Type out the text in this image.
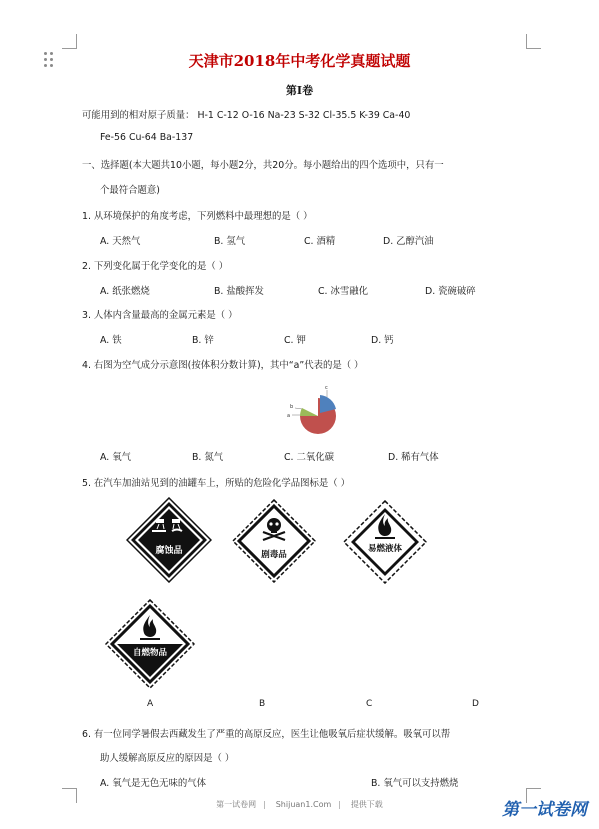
天津市2018年中考化学真题试题
第Ⅰ卷
可能用到的相对原子质量： H-1 C-12 O-16 Na-23 S-32 Cl-35.5 K-39 Ca-40
Fe-56 Cu-64 Ba-137
一、选择题(本大题共10小题，每小题2分，共20分。每小题给出的四个选项中，只有一
个最符合题意)
1. 从环境保护的角度考虑，下列燃料中最理想的是（ ）
A. 天然气	B. 氢气	C. 酒精	D. 乙醇汽油
2. 下列变化属于化学变化的是（ ）
A. 纸张燃烧	B. 盐酸挥发	C. 冰雪融化	D. 瓷碗破碎
3. 人体内含量最高的金属元素是（ ）
A. 铁	B. 锌	C. 钾	D. 钙
4. 右图为空气成分示意图(按体积分数计算)，其中“a”代表的是（ ）
b
a
c
A. 氧气	B. 氮气	C. 二氧化碳	D. 稀有气体
5. 在汽车加油站见到的油罐车上，所贴的危险化学品图标是（ ）
腐蚀品	剧毒品
易燃液体
自燃物品
A	B	C	D
6. 有一位同学暑假去西藏发生了严重的高原反应，医生让他吸氧后症状缓解。吸氧可以帮
助人缓解高原反应的原因是（ ）
A. 氧气是无色无味的气体	B. 氧气可以支持燃烧
第一试卷网 Shijuan1.Com 提供下载	第一试卷网
